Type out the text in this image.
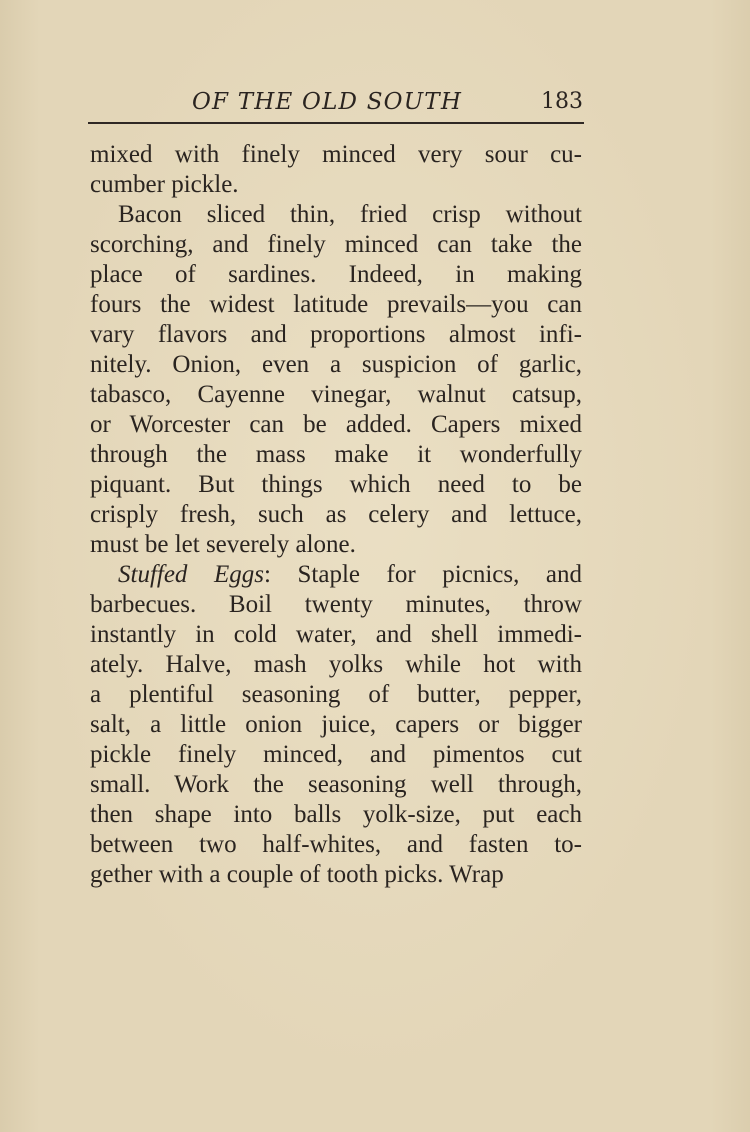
OF THE OLD SOUTH	183
mixed with finely minced very sour cu-
cumber pickle.
Bacon sliced thin, fried crisp without
scorching, and finely minced can take the
place of sardines. Indeed, in making
fours the widest latitude prevails—you can
vary flavors and proportions almost infi-
nitely. Onion, even a suspicion of garlic,
tabasco, Cayenne vinegar, walnut catsup,
or Worcester can be added. Capers mixed
through the mass make it wonderfully
piquant. But things which need to be
crisply fresh, such as celery and lettuce,
must be let severely alone.
Stuffed Eggs: Staple for picnics, and
barbecues. Boil twenty minutes, throw
instantly in cold water, and shell immedi-
ately. Halve, mash yolks while hot with
a plentiful seasoning of butter, pepper,
salt, a little onion juice, capers or bigger
pickle finely minced, and pimentos cut
small. Work the seasoning well through,
then shape into balls yolk-size, put each
between two half-whites, and fasten to-
gether with a couple of tooth picks. Wrap
